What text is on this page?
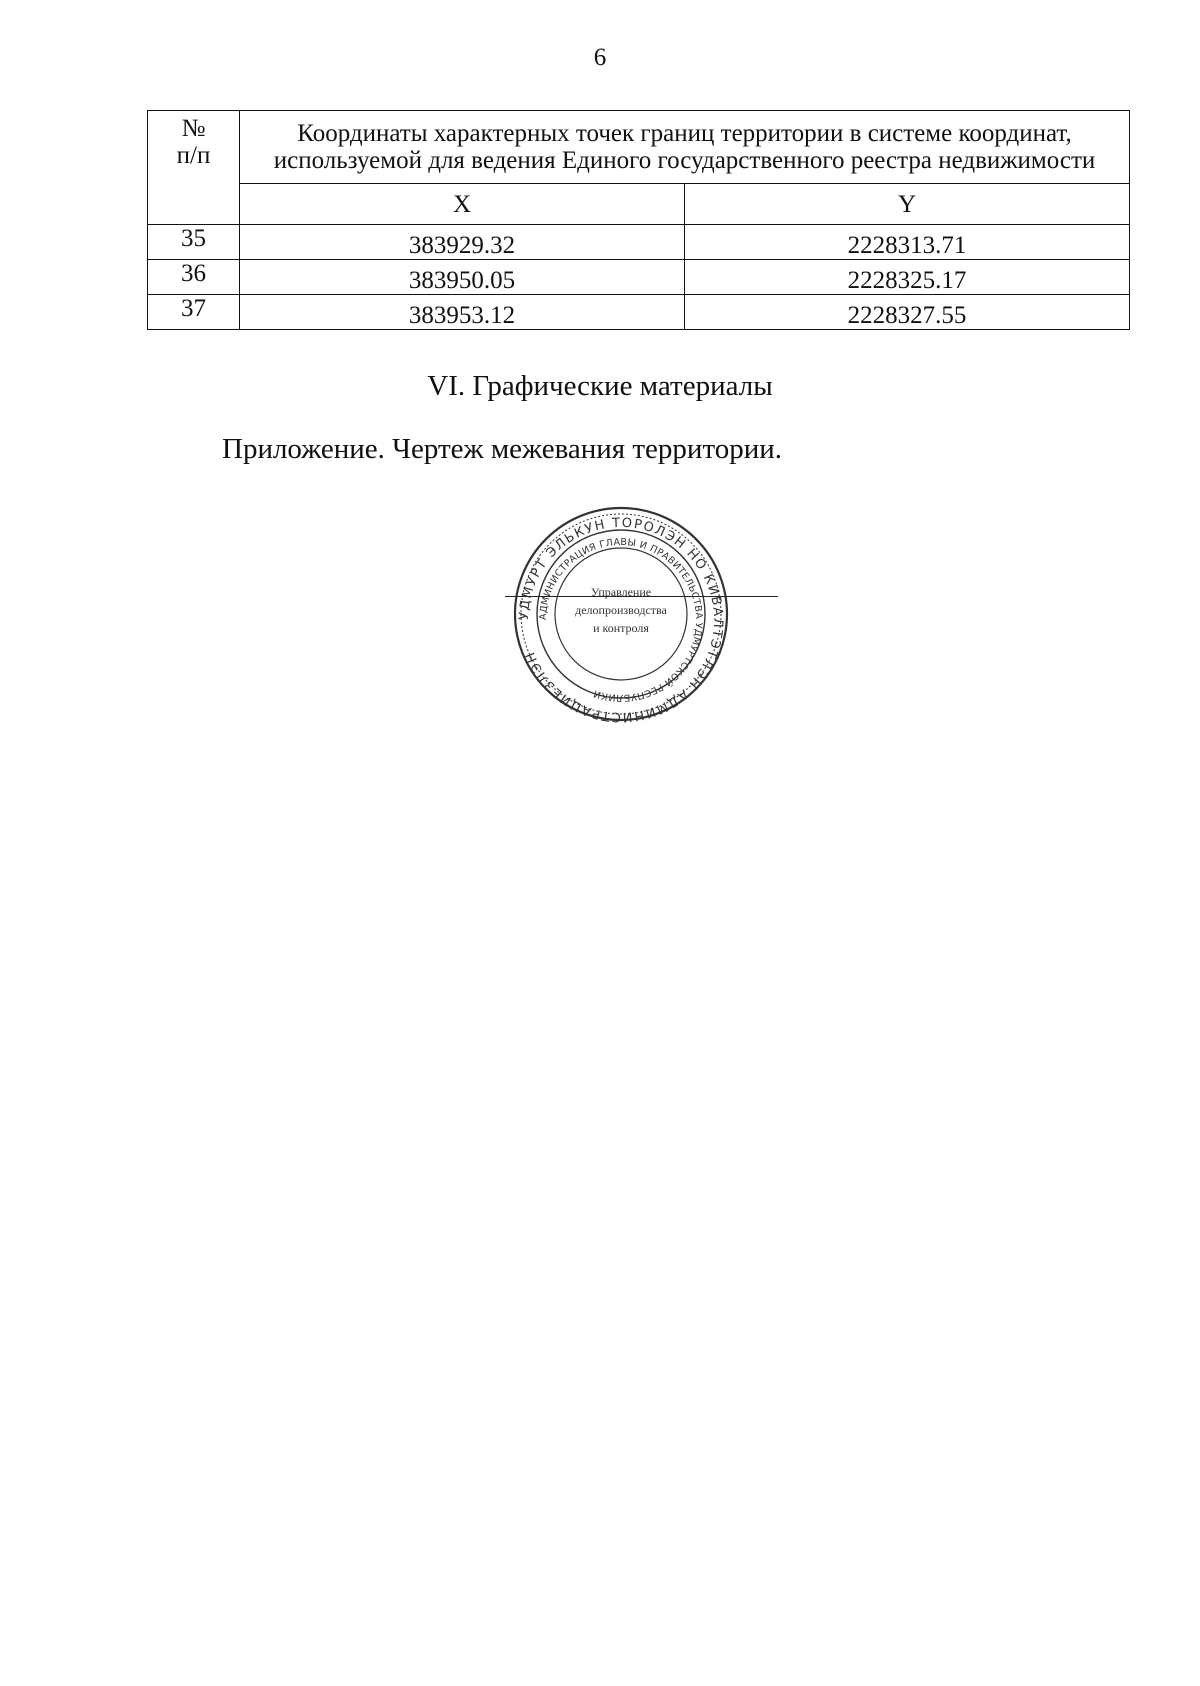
6
№
п/п	Координаты характерных точек границ территории в системе координат, используемой для ведения Единого государственного реестра недвижимости	
	X	Y
35	383929.32	2228313.71
36	383950.05	2228325.17
37	383953.12	2228327.55
VI. Графические материалы
Приложение. Чертеж межевания территории.
УДМУРТ ЭЛЬКУН ТОРОЛЭН НО КИВАЛТЭТЛЭН АДМИНИСТРАЦИЕЗЛЭН
АДМИНИСТРАЦИЯ ГЛАВЫ И ПРАВИТЕЛЬСТВА УДМУРТСКОЙ РЕСПУБЛИКИ
Управление
делопроизводства
и контроля
